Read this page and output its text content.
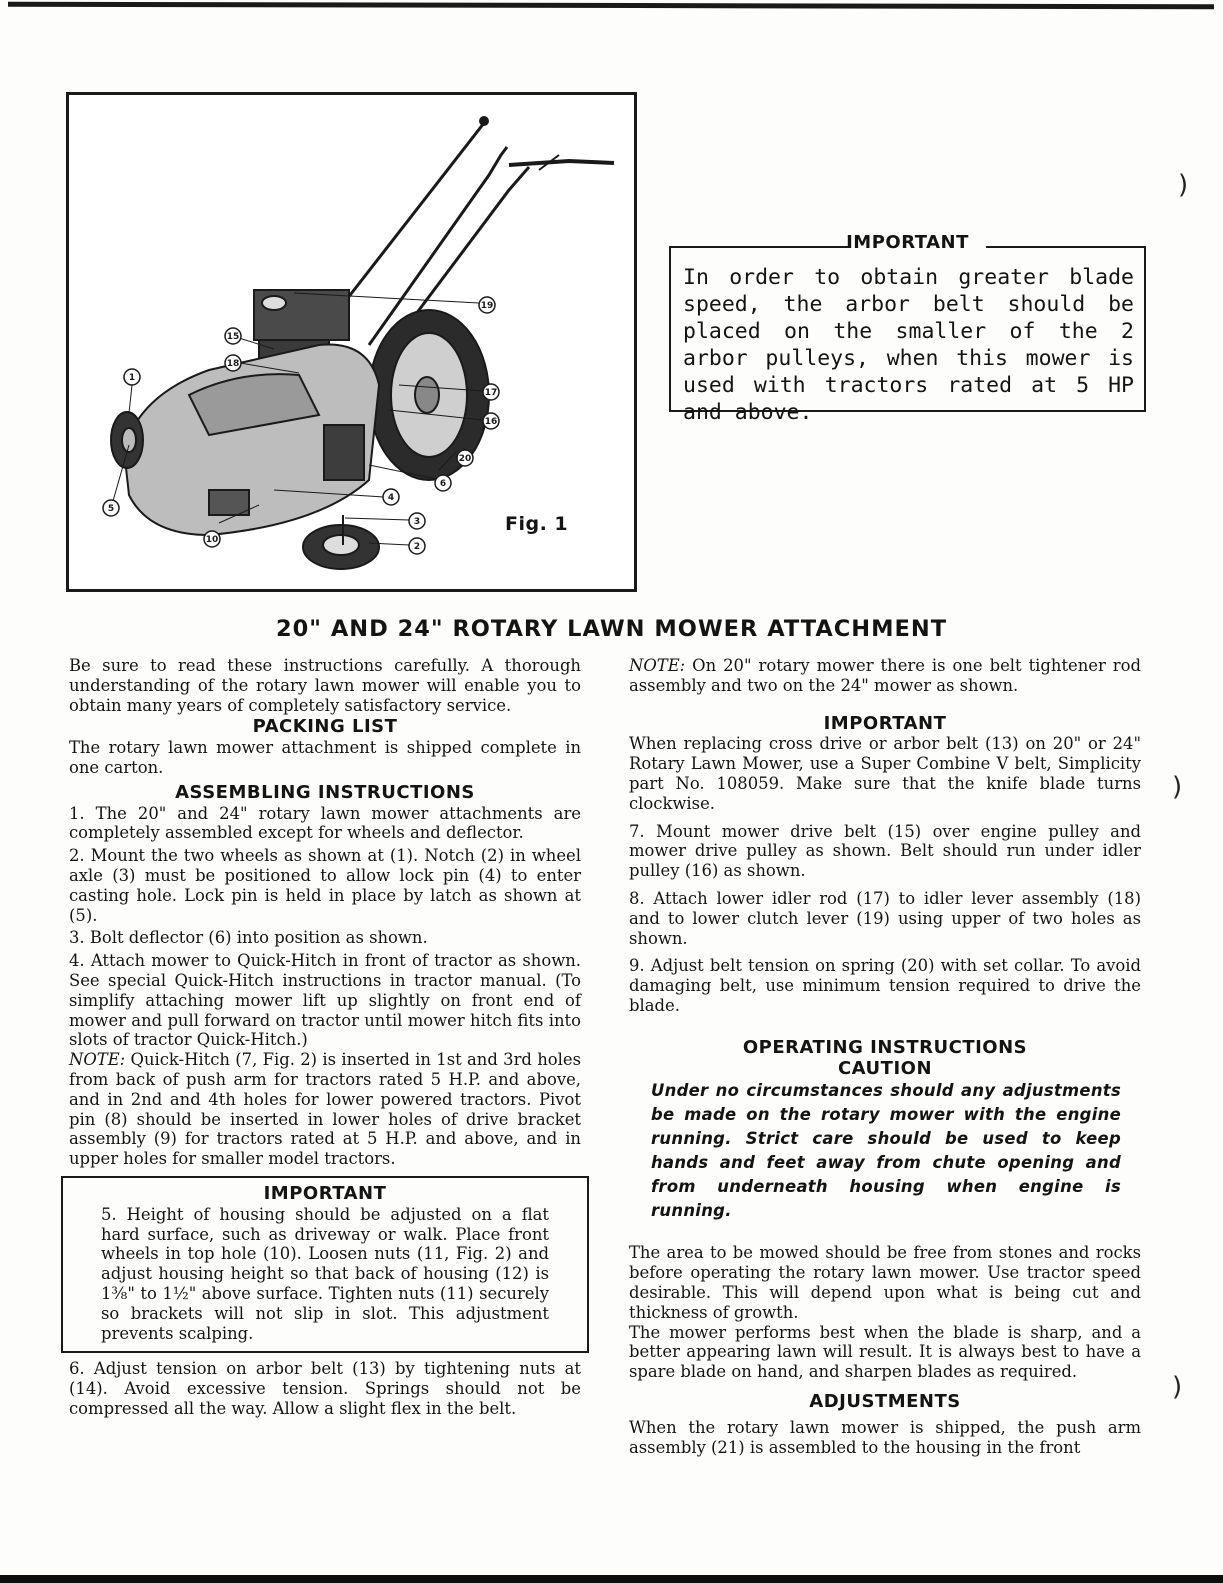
)
)
)
19
15
18
1
17
16
20
6
4
5
3
10
2
Fig. 1
IMPORTANT
In order to obtain greater blade speed, the arbor belt should be placed on the smaller of the 2 arbor pulleys, when this mower is used with tractors rated at 5 HP and above.
20" AND 24" ROTARY LAWN MOWER ATTACHMENT

Be sure to read these instructions carefully. A thorough understanding of the rotary lawn mower will enable you to obtain many years of completely satisfactory service.

PACKING LIST

The rotary lawn mower attachment is shipped complete in one carton.

ASSEMBLING INSTRUCTIONS

1. The 20" and 24" rotary lawn mower attachments are completely assembled except for wheels and deflector.

2. Mount the two wheels as shown at (1). Notch (2) in wheel axle (3) must be positioned to allow lock pin (4) to enter casting hole. Lock pin is held in place by latch as shown at (5).

3. Bolt deflector (6) into position as shown.

4. Attach mower to Quick-Hitch in front of tractor as shown. See special Quick-Hitch instructions in tractor manual. (To simplify attaching mower lift up slightly on front end of mower and pull forward on tractor until mower hitch fits into slots of tractor Quick-Hitch.)

NOTE: Quick-Hitch (7, Fig. 2) is inserted in 1st and 3rd holes from back of push arm for tractors rated 5 H.P. and above, and in 2nd and 4th holes for lower powered tractors. Pivot pin (8) should be inserted in lower holes of drive bracket assembly (9) for tractors rated at 5 H.P. and above, and in upper holes for smaller model tractors.

IMPORTANT

5. Height of housing should be adjusted on a flat hard surface, such as driveway or walk. Place front wheels in top hole (10). Loosen nuts (11, Fig. 2) and adjust housing height so that back of housing (12) is 1⅜" to 1½" above surface. Tighten nuts (11) securely so brackets will not slip in slot. This adjustment prevents scalping.

6. Adjust tension on arbor belt (13) by tightening nuts at (14). Avoid excessive tension. Springs should not be compressed all the way. Allow a slight flex in the belt.

NOTE: On 20" rotary mower there is one belt tightener rod assembly and two on the 24" mower as shown.

IMPORTANT

When replacing cross drive or arbor belt (13) on 20" or 24" Rotary Lawn Mower, use a Super Combine V belt, Simplicity part No. 108059. Make sure that the knife blade turns clockwise.

7. Mount mower drive belt (15) over engine pulley and mower drive pulley as shown. Belt should run under idler pulley (16) as shown.

8. Attach lower idler rod (17) to idler lever assembly (18) and to lower clutch lever (19) using upper of two holes as shown.

9. Adjust belt tension on spring (20) with set collar. To avoid damaging belt, use minimum tension required to drive the blade.

OPERATING INSTRUCTIONS
CAUTION

Under no circumstances should any adjustments be made on the rotary mower with the engine running. Strict care should be used to keep hands and feet away from chute opening and from underneath housing when engine is running.

The area to be mowed should be free from stones and rocks before operating the rotary lawn mower. Use tractor speed desirable. This will depend upon what is being cut and thickness of growth.

The mower performs best when the blade is sharp, and a better appearing lawn will result. It is always best to have a spare blade on hand, and sharpen blades as required.

ADJUSTMENTS

When the rotary lawn mower is shipped, the push arm assembly (21) is assembled to the housing in the front
